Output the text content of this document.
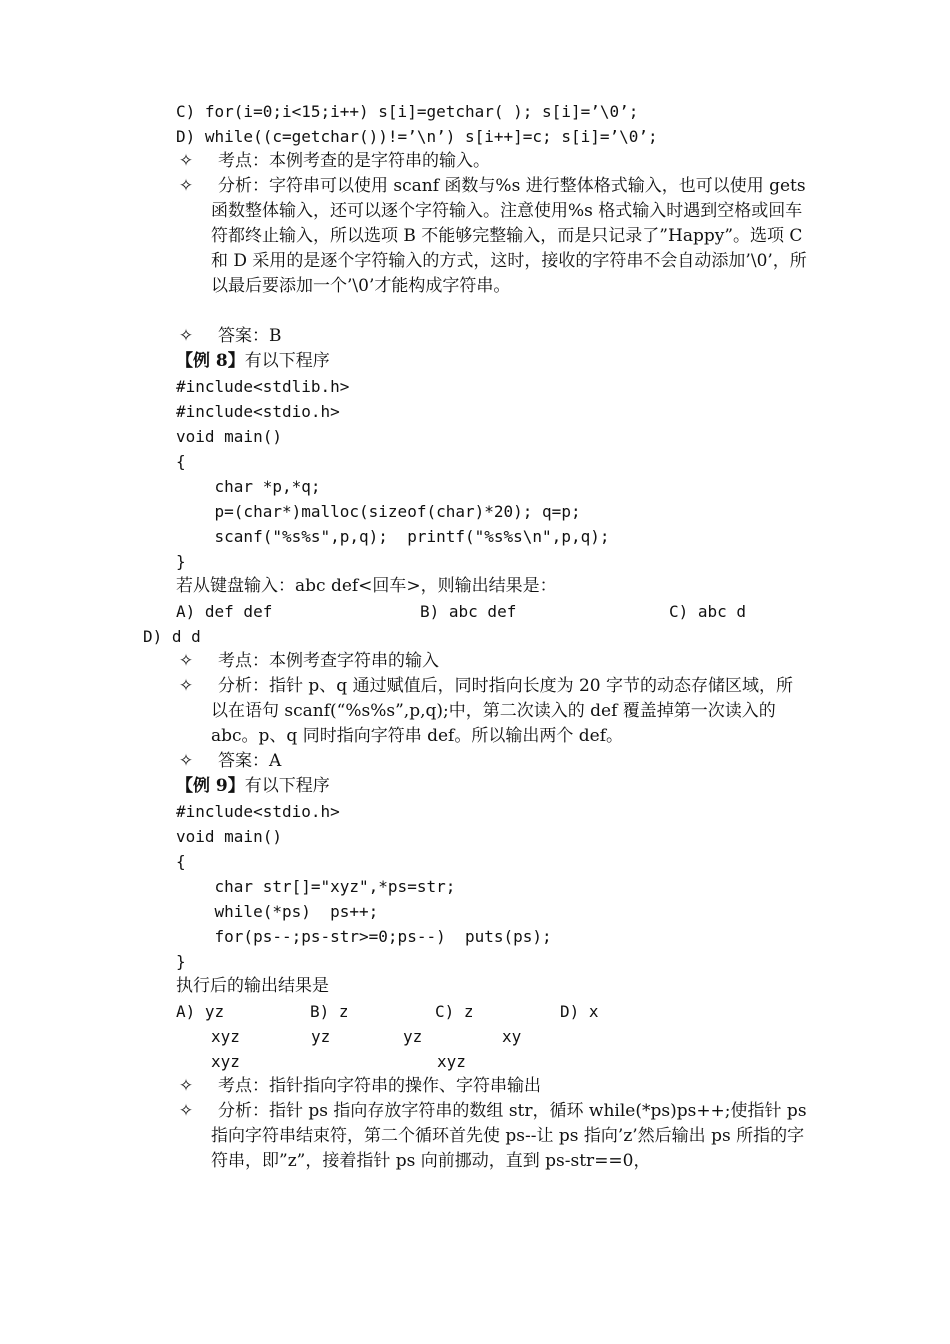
C) for(i=0;i<15;i++) s[i]=getchar( ); s[i]=’\0’;
D) while((c=getchar())!=’\n’) s[i++]=c; s[i]=’\0’;
✧ 考点：本例考查的是字符串的输入。
✧	分析：字符串可以使用 scanf 函数与%s 进行整体格式输入，也可以使用 gets 函数整体输入，还可以逐个字符输入。注意使用%s 格式输入时遇到空格或回车符都终止输入，所以选项 B 不能够完整输入，而是只记录了”Happy”。选项 C 和 D 采用的是逐个字符输入的方式，这时，接收的字符串不会自动添加’\0’，所以最后要添加一个’\0’才能构成字符串。
✧ 答案：B
【例 8】有以下程序
#include<stdlib.h>
#include<stdio.h>
void main()
{
char *p,*q;
p=(char*)malloc(sizeof(char)*20); q=p;
scanf("%s%s",p,q);  printf("%s%s\n",p,q);
}
若从键盘输入：abc def<回车>，则输出结果是：
A) def def	B) abc def	C) abc d
D) d d
✧ 考点：本例考查字符串的输入
✧	分析：指针 p、q 通过赋值后，同时指向长度为 20 字节的动态存储区域，所以在语句 scanf(“%s%s”,p,q);中，第二次读入的 def 覆盖掉第一次读入的 abc。p、q 同时指向字符串 def。所以输出两个 def。
✧ 答案：A
【例 9】有以下程序
#include<stdio.h>
void main()
{
char str[]="xyz",*ps=str;
while(*ps)  ps++;
for(ps--;ps-str>=0;ps--)  puts(ps);
}
执行后的输出结果是
A) yz	B) z	C) z	D) x
xyz	yz	yz	xy
xyz	xyz
✧ 考点：指针指向字符串的操作、字符串输出
✧	分析：指针 ps 指向存放字符串的数组 str，循环 while(*ps)ps++;使指针 ps 指向字符串结束符，第二个循环首先使 ps--让 ps 指向’z’然后输出 ps 所指的字符串，即”z”，接着指针 ps 向前挪动，直到 ps-str==0，
